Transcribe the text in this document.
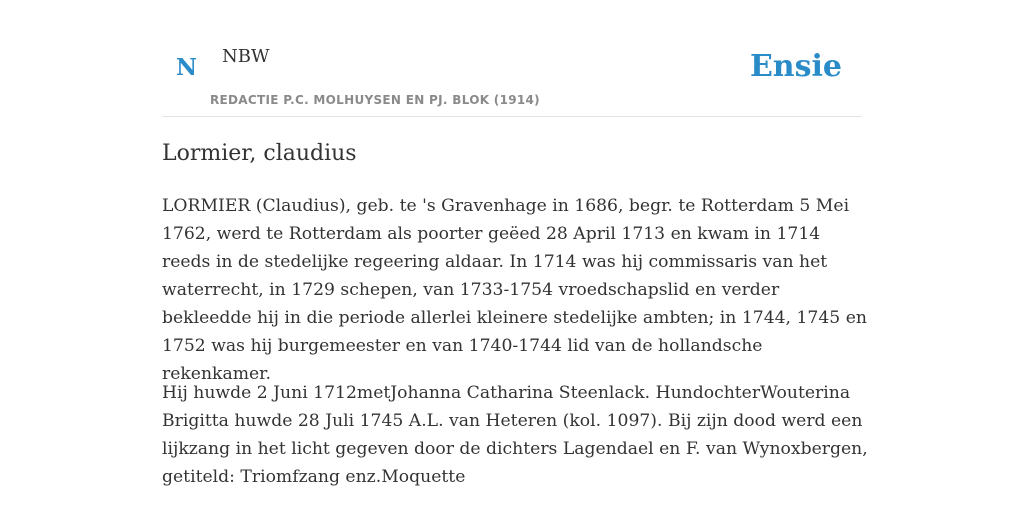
N NBW
REDACTIE P.C. MOLHUYSEN EN PJ. BLOK (1914)
Ensie
Lormier, claudius

LORMIER (Claudius), geb. te 's Gravenhage in 1686, begr. te Rotterdam 5 Mei 1762, werd te Rotterdam als poorter geëed 28 April 1713 en kwam in 1714 reeds in de stedelijke regeering aldaar. In 1714 was hij commissaris van het waterrecht, in 1729 schepen, van 1733-1754 vroedschapslid en verder bekleedde hij in die periode allerlei kleinere stedelijke ambten; in 1744, 1745 en 1752 was hij burgemeester en van 1740-1744 lid van de hollandsche rekenkamer.

Hij huwde 2 Juni 1712metJohanna Catharina Steenlack. HundochterWouterina Brigitta huwde 28 Juli 1745 A.L. van Heteren (kol. 1097). Bij zijn dood werd een lijkzang in het licht gegeven door de dichters Lagendael en F. van Wynoxbergen, getiteld: Triomfzang enz.Moquette
